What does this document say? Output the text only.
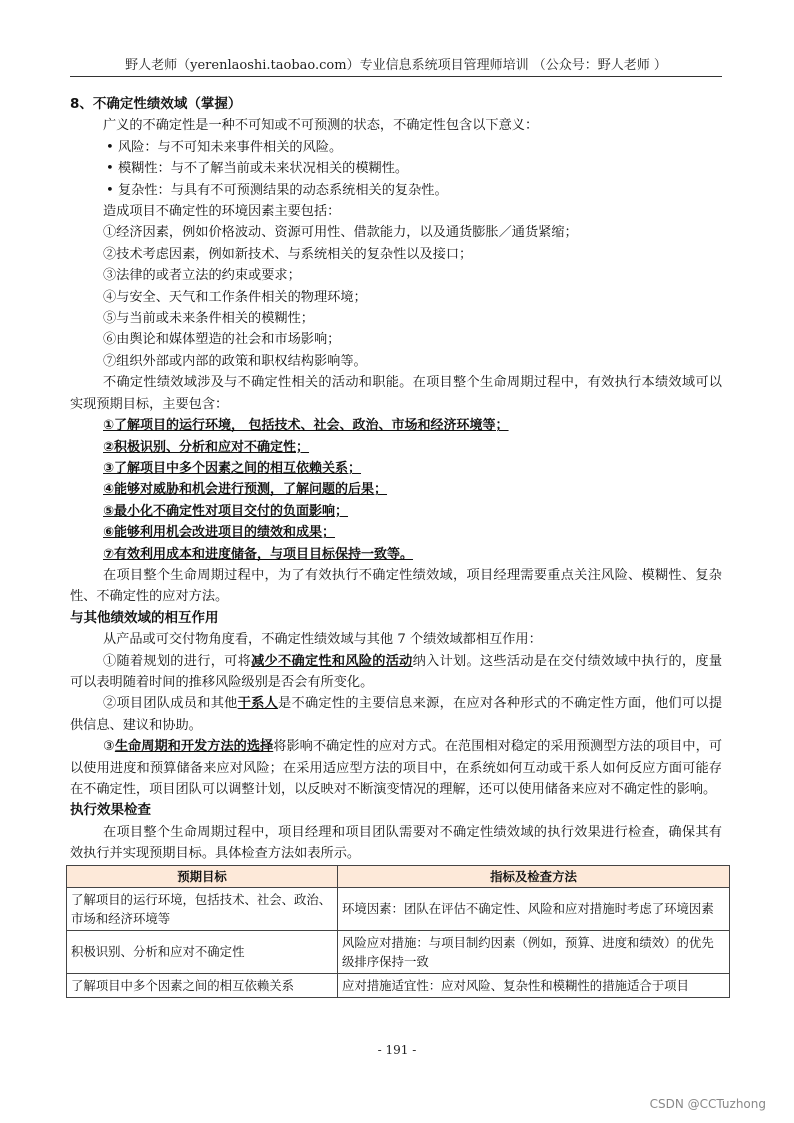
野人老师（yerenlaoshi.taobao.com）专业信息系统项目管理师培训 （公众号：野人老师 ）

8、不确定性绩效域（掌握）

广义的不确定性是一种不可知或不可预测的状态，不确定性包含以下意义：

• 风险：与不可知未来事件相关的风险。

• 模糊性：与不了解当前或未来状况相关的模糊性。

• 复杂性：与具有不可预测结果的动态系统相关的复杂性。

造成项目不确定性的环境因素主要包括：

①经济因素，例如价格波动、资源可用性、借款能力，以及通货膨胀／通货紧缩；

②技术考虑因素，例如新技术、与系统相关的复杂性以及接口；

③法律的或者立法的约束或要求；

④与安全、天气和工作条件相关的物理环境；

⑤与当前或未来条件相关的模糊性；

⑥由舆论和媒体塑造的社会和市场影响；

⑦组织外部或内部的政策和职权结构影响等。

不确定性绩效域涉及与不确定性相关的活动和职能。在项目整个生命周期过程中，有效执行本绩效域可以实现预期目标，主要包含：

①了解项目的运行环境， 包括技术、社会、政治、市场和经济环境等；

②积极识别、分析和应对不确定性；

③了解项目中多个因素之间的相互依赖关系；

④能够对威胁和机会进行预测，了解问题的后果；

⑤最小化不确定性对项目交付的负面影响；

⑥能够利用机会改进项目的绩效和成果；

⑦有效利用成本和进度储备，与项目目标保持一致等。

在项目整个生命周期过程中，为了有效执行不确定性绩效域，项目经理需要重点关注风险、模糊性、复杂性、不确定性的应对方法。

与其他绩效域的相互作用

从产品或可交付物角度看，不确定性绩效域与其他 7 个绩效域都相互作用：

①随着规划的进行，可将减少不确定性和风险的活动纳入计划。这些活动是在交付绩效域中执行的，度量可以表明随着时间的推移风险级别是否会有所变化。

②项目团队成员和其他干系人是不确定性的主要信息来源，在应对各种形式的不确定性方面，他们可以提供信息、建议和协助。

③生命周期和开发方法的选择将影响不确定性的应对方式。在范围相对稳定的采用预测型方法的项目中，可以使用进度和预算储备来应对风险；在采用适应型方法的项目中，在系统如何互动或干系人如何反应方面可能存在不确定性，项目团队可以调整计划，以反映对不断演变情况的理解，还可以使用储备来应对不确定性的影响。

执行效果检查

在项目整个生命周期过程中，项目经理和项目团队需要对不确定性绩效域的执行效果进行检查，确保其有效执行并实现预期目标。具体检查方法如表所示。

预期目标	指标及检查方法
了解项目的运行环境，包括技术、社会、政治、市场和经济环境等	环境因素：团队在评估不确定性、风险和应对措施时考虑了环境因素
积极识别、分析和应对不确定性	风险应对措施：与项目制约因素（例如，预算、进度和绩效）的优先级排序保持一致
了解项目中多个因素之间的相互依赖关系	应对措施适宜性：应对风险、复杂性和模糊性的措施适合于项目
- 191 -
CSDN @CCTuzhong
